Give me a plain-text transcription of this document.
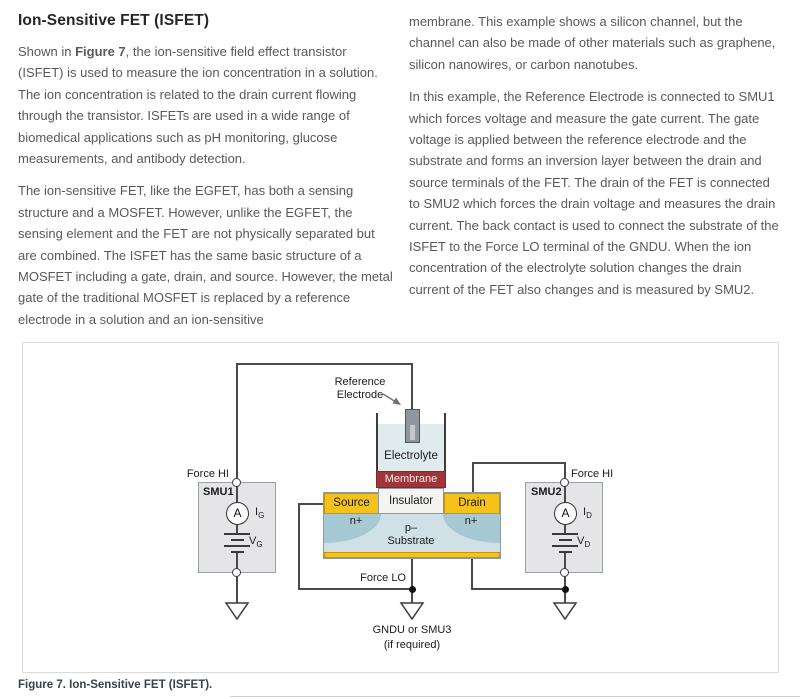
Ion-Sensitive FET (ISFET)

Shown in Figure 7, the ion-sensitive field effect transistor (ISFET) is used to measure the ion concentration in a solution. The ion concentration is related to the drain current flowing through the transistor. ISFETs are used in a wide range of biomedical applications such as pH monitoring, glucose measurements, and antibody detection.

The ion-sensitive FET, like the EGFET, has both a sensing structure and a MOSFET. However, unlike the EGFET, the sensing element and the FET are not physically separated but are combined. The ISFET has the same basic structure of a MOSFET including a gate, drain, and source. However, the metal gate of the traditional MOSFET is replaced by a reference electrode in a solution and an ion-sensitive

membrane. This example shows a silicon channel, but the channel can also be made of other materials such as graphene, silicon nanowires, or carbon nanotubes.

In this example, the Reference Electrode is connected to SMU1 which forces voltage and measure the gate current. The gate voltage is applied between the reference electrode and the substrate and forms an inversion layer between the drain and source terminals of the FET. The drain of the FET is connected to SMU2 which forces the drain voltage and measures the drain current. The back contact is used to connect the substrate of the ISFET to the Force LO terminal of the GNDU. When the ion concentration of the electrolyte solution changes the drain current of the FET also changes and is measured by SMU2.

A	A
Electrolyte
Membrane
Reference
Electrode
Source	Drain
Insulator
n+	n+
p–
Substrate
SMU1	SMU2
$I_G$
$V_G$
$I_D$
$V_D$
Force HI	Force HI
Force LO
GNDU or SMU3
(if required)
Figure 7. Ion-Sensitive FET (ISFET).
